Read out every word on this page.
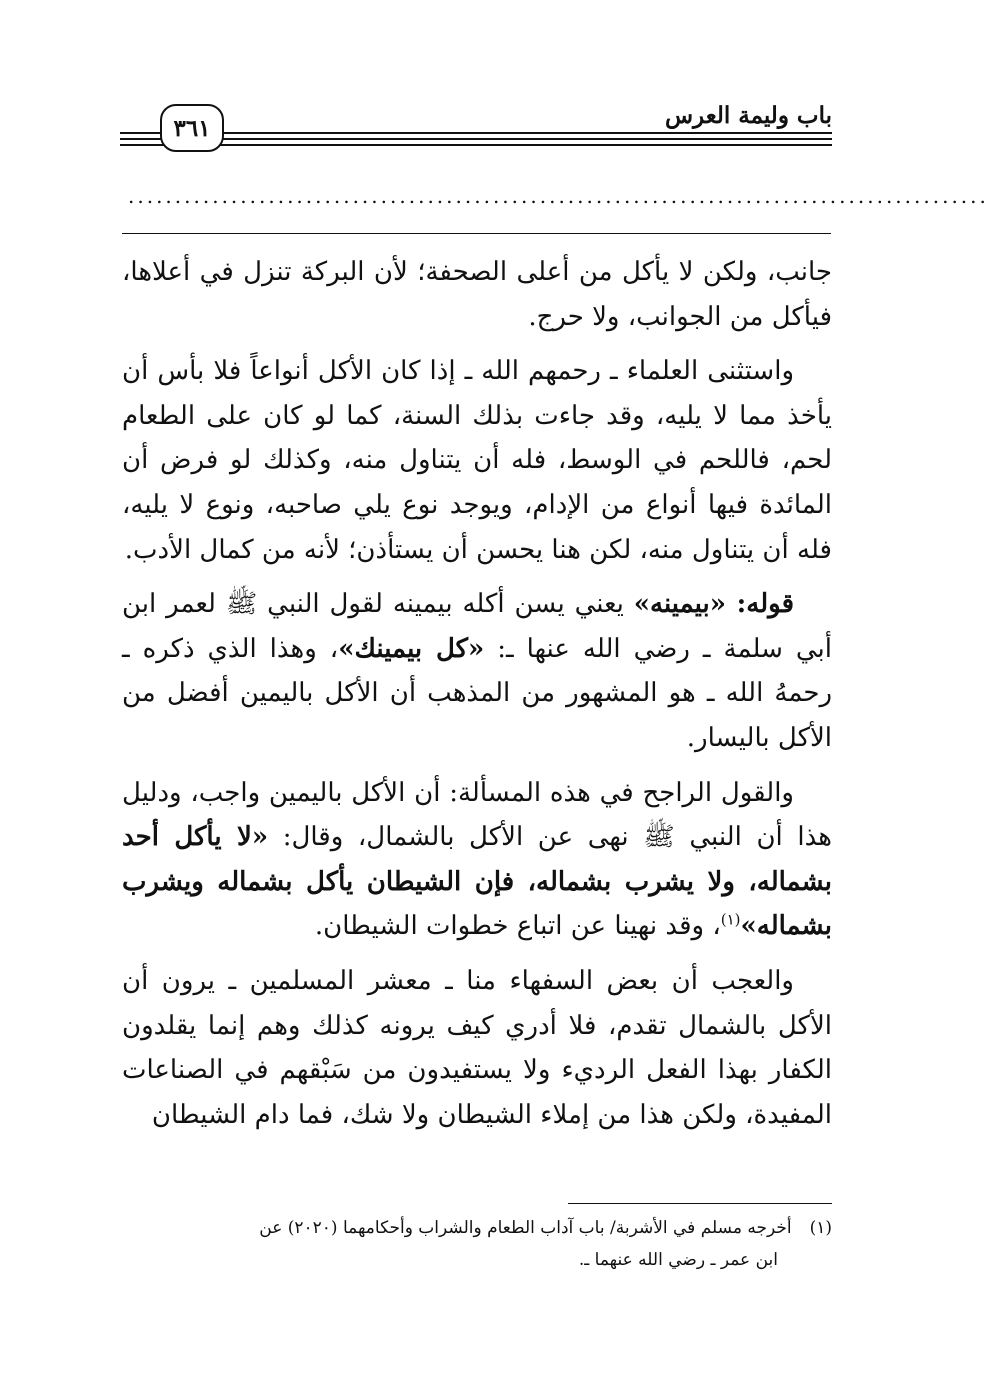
باب وليمة العرس
٣٦١
............................................................................................

جانب، ولكن لا يأكل من أعلى الصحفة؛ لأن البركة تنزل في أعلاها، فيأكل من الجوانب، ولا حرج.

واستثنى العلماء ـ رحمهم الله ـ إذا كان الأكل أنواعاً فلا بأس أن يأخذ مما لا يليه، وقد جاءت بذلك السنة، كما لو كان على الطعام لحم، فاللحم في الوسط، فله أن يتناول منه، وكذلك لو فرض أن المائدة فيها أنواع من الإدام، ويوجد نوع يلي صاحبه، ونوع لا يليه، فله أن يتناول منه، لكن هنا يحسن أن يستأذن؛ لأنه من كمال الأدب.

قوله: «بيمينه» يعني يسن أكله بيمينه لقول النبي ﷺ لعمر ابن أبي سلمة ـ رضي الله عنها ـ: «كل بيمينك»، وهذا الذي ذكره ـ رحمهُ الله ـ هو المشهور من المذهب أن الأكل باليمين أفضل من الأكل باليسار.

والقول الراجح في هذه المسألة: أن الأكل باليمين واجب، ودليل هذا أن النبي ﷺ نهى عن الأكل بالشمال، وقال: «لا يأكل أحد بشماله، ولا يشرب بشماله، فإن الشيطان يأكل بشماله ويشرب بشماله»$^{(١)}$، وقد نهينا عن اتباع خطوات الشيطان.

والعجب أن بعض السفهاء منا ـ معشر المسلمين ـ يرون أن الأكل بالشمال تقدم، فلا أدري كيف يرونه كذلك وهم إنما يقلدون الكفار بهذا الفعل الرديء ولا يستفيدون من سَبْقهم في الصناعات المفيدة، ولكن هذا من إملاء الشيطان ولا شك، فما دام الشيطان

(١)أخرجه مسلم في الأشربة/ باب آداب الطعام والشراب وأحكامهما (٢٠٢٠) عن
ابن عمر ـ رضي الله عنهما ـ.
